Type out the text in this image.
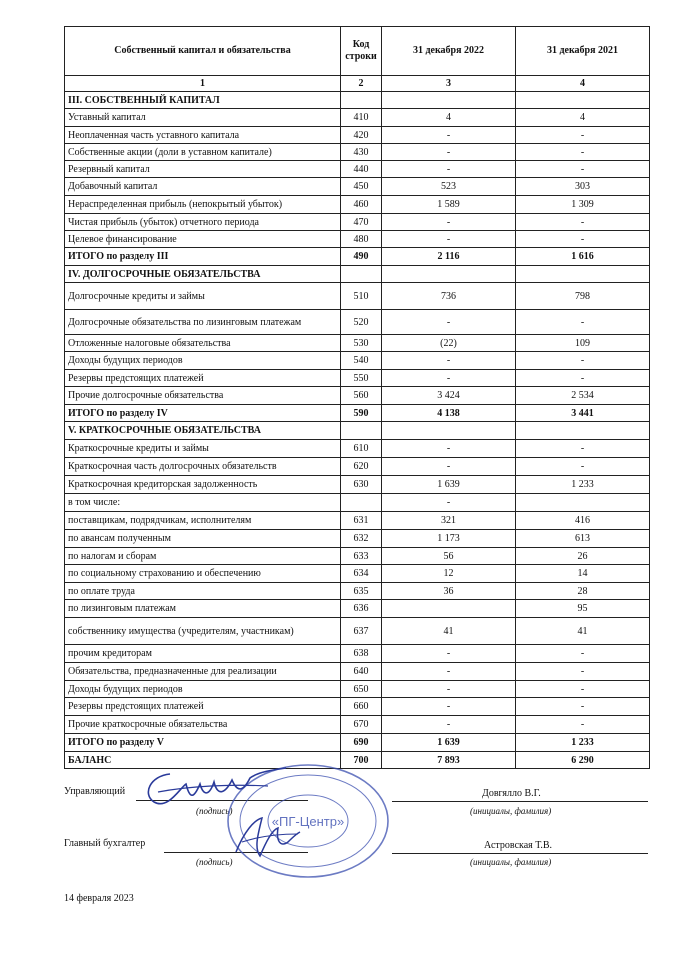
Собственный капитал и обязательства	Код строки	31 декабря 2022	31 декабря 2021
1	2	3	4
III. СОБСТВЕННЫЙ КАПИТАЛ			
Уставный капитал	410	4	4
Неоплаченная часть уставного капитала	420	-	-
Собственные акции (доли в уставном капитале)	430	-	-
Резервный капитал	440	-	-
Добавочный капитал	450	523	303
Нераспределенная прибыль (непокрытый убыток)	460	1 589	1 309
Чистая прибыль (убыток) отчетного периода	470	-	-
Целевое финансирование	480	-	-
ИТОГО по разделу III	490	2 116	1 616
IV. ДОЛГОСРОЧНЫЕ ОБЯЗАТЕЛЬСТВА			
Долгосрочные кредиты и займы	510	736	798
Долгосрочные обязательства по лизинговым платежам	520	-	-
Отложенные налоговые обязательства	530	(22)	109
Доходы будущих периодов	540	-	-
Резервы предстоящих платежей	550	-	-
Прочие долгосрочные обязательства	560	3 424	2 534
ИТОГО по разделу IV	590	4 138	3 441
V. КРАТКОСРОЧНЫЕ ОБЯЗАТЕЛЬСТВА			
Краткосрочные кредиты и займы	610	-	-
Краткосрочная часть долгосрочных обязательств	620	-	-
Краткосрочная кредиторская задолженность	630	1 639	1 233
в том числе:		-	
поставщикам, подрядчикам, исполнителям	631	321	416
по авансам полученным	632	1 173	613
по налогам и сборам	633	56	26
по социальному страхованию и обеспечению	634	12	14
по оплате труда	635	36	28
по лизинговым платежам	636		95
собственнику имущества (учредителям, участникам)	637	41	41
прочим кредиторам	638	-	-
Обязательства, предназначенные для реализации	640	-	-
Доходы будущих периодов	650	-	-
Резервы предстоящих платежей	660	-	-
Прочие краткосрочные обязательства	670	-	-
ИТОГО по разделу V	690	1 639	1 233
БАЛАНС	700	7 893	6 290
Управляющий
(подпись)
Довгялло В.Г.
(инициалы, фамилия)
Главный бухгалтер
(подпись)
Астровская Т.В.
(инициалы, фамилия)
14 февраля 2023
«ПГ-Центр»
